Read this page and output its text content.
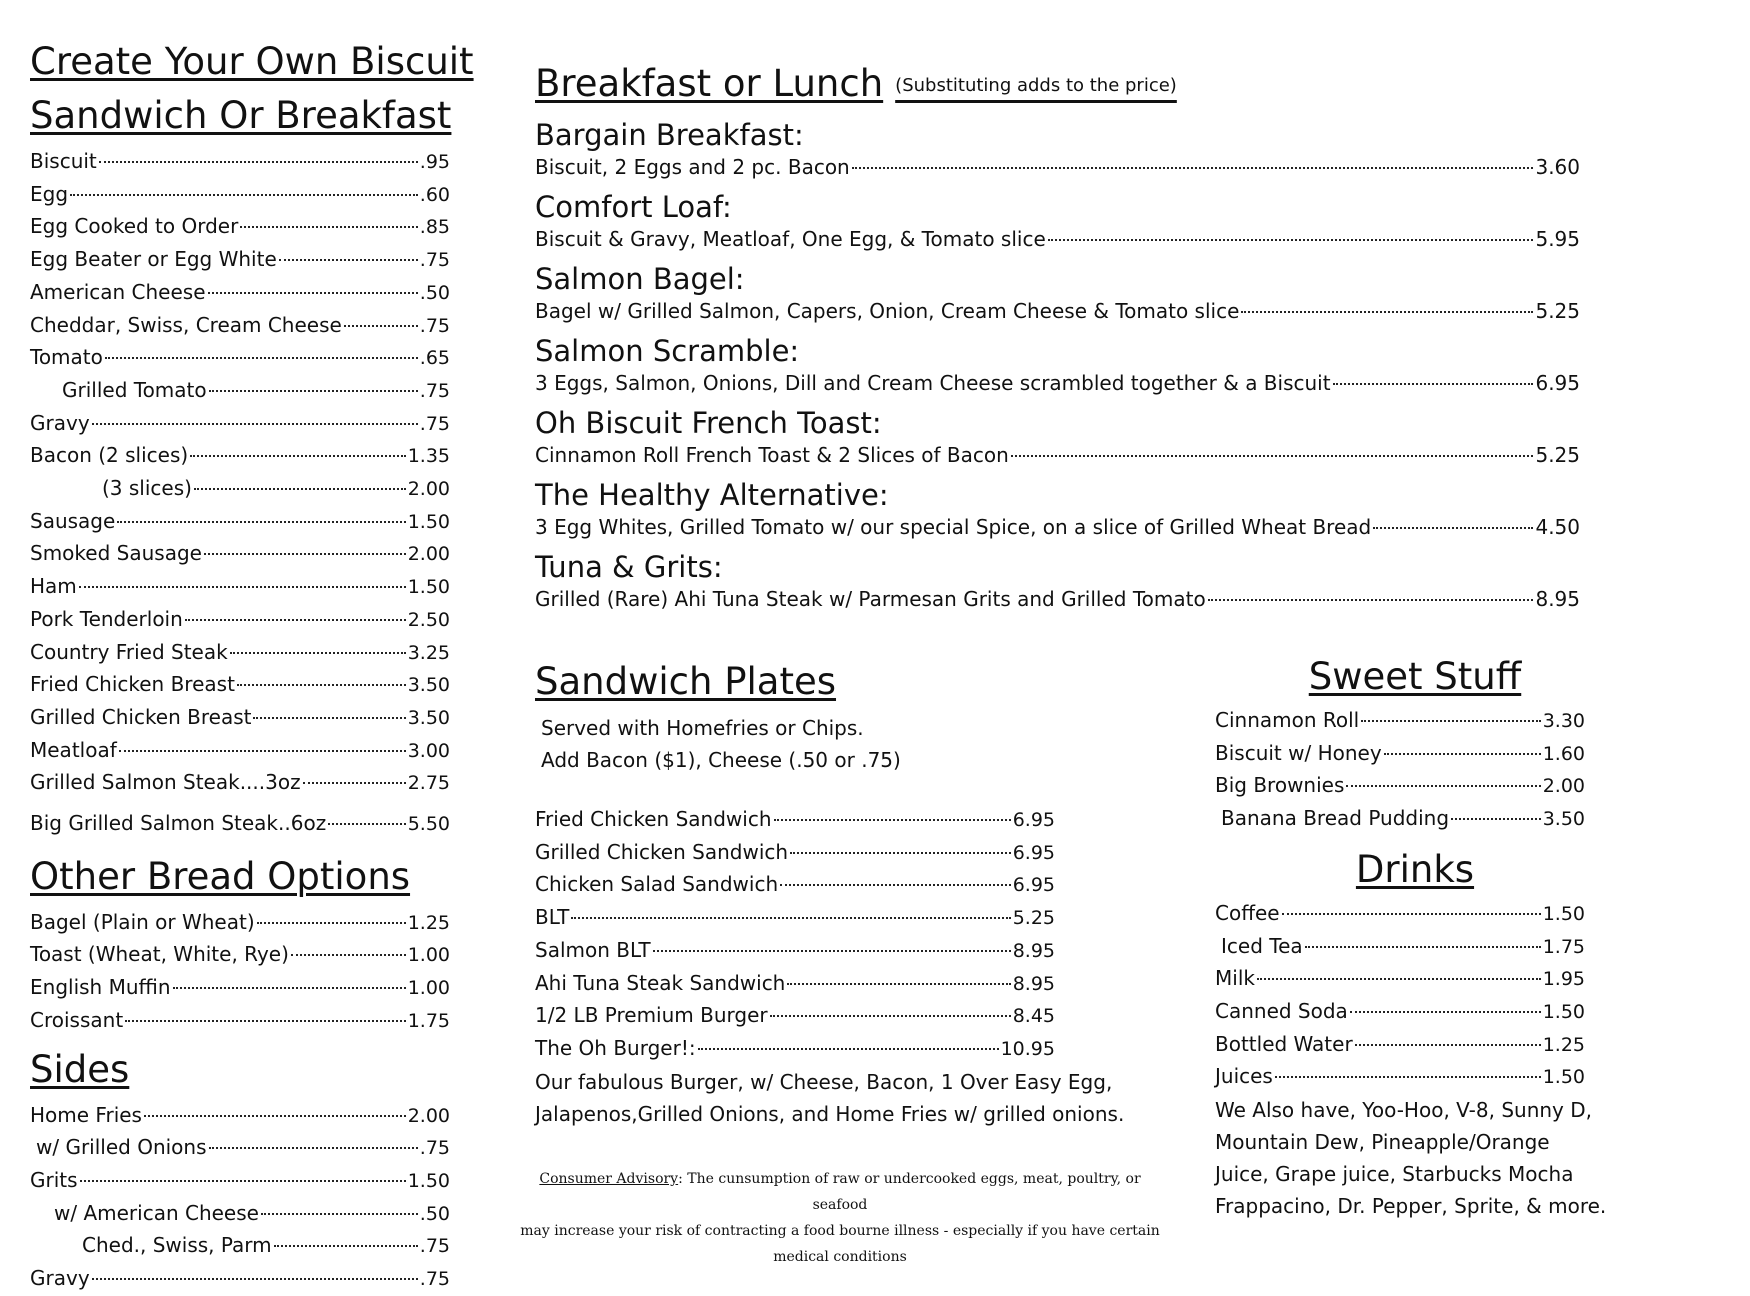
Create Your Own Biscuit
Sandwich Or Breakfast
Biscuit	.95
Egg	.60
Egg Cooked to Order	.85
Egg Beater or Egg White	.75
American Cheese	.50
Cheddar, Swiss, Cream Cheese	.75
Tomato	.65
Grilled Tomato	.75
Gravy	.75
Bacon (2 slices)	1.35
(3 slices)	2.00
Sausage	1.50
Smoked Sausage	2.00
Ham	1.50
Pork Tenderloin	2.50
Country Fried Steak	3.25
Fried Chicken Breast	3.50
Grilled Chicken Breast	3.50
Meatloaf	3.00
Grilled Salmon Steak....3oz	2.75
Big Grilled Salmon Steak..6oz	5.50
Other Bread Options
Bagel (Plain or Wheat)	1.25
Toast (Wheat, White, Rye)	1.00
English Muffin	1.00
Croissant	1.75
Sides
Home Fries	2.00
w/ Grilled Onions	.75
Grits	1.50
w/ American Cheese	.50
Ched., Swiss, Parm	.75
Gravy	.75
Breakfast or Lunch (Substituting adds to the price)
Bargain Breakfast:
Biscuit, 2 Eggs and 2 pc. Bacon	3.60
Comfort Loaf:
Biscuit & Gravy, Meatloaf, One Egg, & Tomato slice	5.95
Salmon Bagel:
Bagel w/ Grilled Salmon, Capers, Onion, Cream Cheese & Tomato slice	5.25
Salmon Scramble:
3 Eggs, Salmon, Onions, Dill and Cream Cheese scrambled together & a Biscuit	6.95
Oh Biscuit French Toast:
Cinnamon Roll French Toast & 2 Slices of Bacon	5.25
The Healthy Alternative:
3 Egg Whites, Grilled Tomato w/ our special Spice, on a slice of Grilled Wheat Bread	4.50
Tuna & Grits:
Grilled (Rare) Ahi Tuna Steak w/ Parmesan Grits and Grilled Tomato	8.95
Sandwich Plates
Served with Homefries or Chips.
Add Bacon ($1), Cheese (.50 or .75)
Fried Chicken Sandwich	6.95
Grilled Chicken Sandwich	6.95
Chicken Salad Sandwich	6.95
BLT	5.25
Salmon BLT	8.95
Ahi Tuna Steak Sandwich	8.95
1/2 LB Premium Burger	8.45
The Oh Burger!:	10.95
Our fabulous Burger, w/ Cheese, Bacon, 1 Over Easy Egg,
Jalapenos,Grilled Onions, and Home Fries w/ grilled onions.
Sweet Stuff
Cinnamon Roll	3.30
Biscuit w/ Honey	1.60
Big Brownies	2.00
Banana Bread Pudding	3.50
Drinks
Coffee	1.50
Iced Tea	1.75
Milk	1.95
Canned Soda	1.50
Bottled Water	1.25
Juices	1.50
We Also have, Yoo-Hoo, V-8, Sunny D,
Mountain Dew, Pineapple/Orange
Juice, Grape juice, Starbucks Mocha
Frappacino, Dr. Pepper, Sprite, & more.
Consumer Advisory: The cunsumption of raw or undercooked eggs, meat, poultry, or seafood
may increase your risk of contracting a food bourne illness - especially if you have certain
medical conditions
